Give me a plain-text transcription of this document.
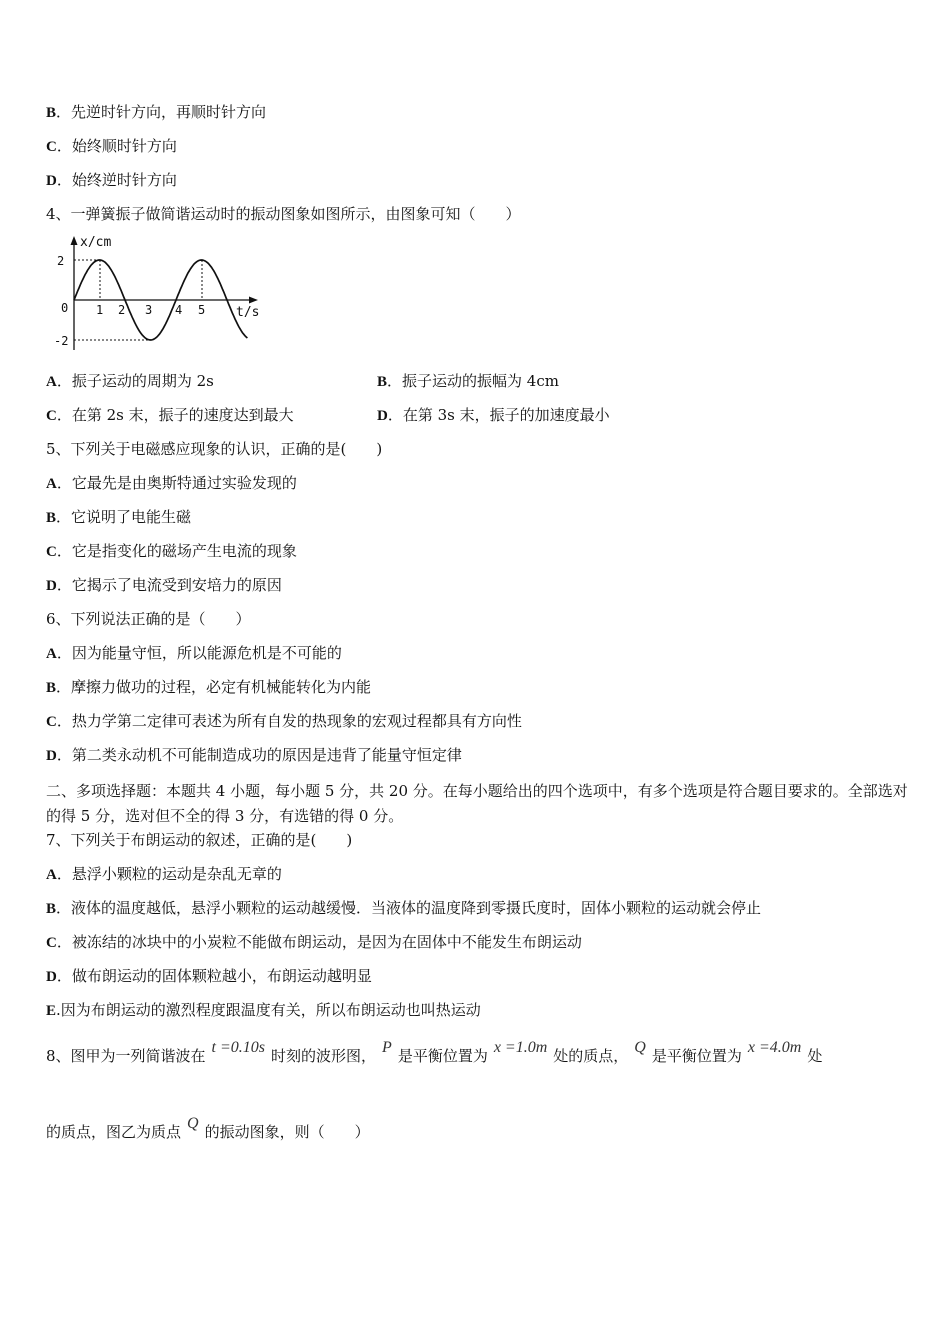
B．先逆时针方向，再顺时针方向
C．始终顺时针方向
D．始终逆时针方向
4、一弹簧振子做简谐运动时的振动图象如图所示，由图象可知（　　）
x/cm
t/s
2
-2
0 1 2 3 4 5
A．振子运动的周期为 2s	B．振子运动的振幅为 4cm
C．在第 2s 末，振子的速度达到最大	D．在第 3s 末，振子的加速度最小
5、下列关于电磁感应现象的认识，正确的是(　　)
A．它最先是由奥斯特通过实验发现的
B．它说明了电能生磁
C．它是指变化的磁场产生电流的现象
D．它揭示了电流受到安培力的原因
6、下列说法正确的是（　　）
A．因为能量守恒，所以能源危机是不可能的
B．摩擦力做功的过程，必定有机械能转化为内能
C．热力学第二定律可表述为所有自发的热现象的宏观过程都具有方向性
D．第二类永动机不可能制造成功的原因是违背了能量守恒定律
二、多项选择题：本题共 4 小题，每小题 5 分，共 20 分。在每小题给出的四个选项中，有多个选项是符合题目要求的。全部选对的得 5 分，选对但不全的得 3 分，有选错的得 0 分。
7、下列关于布朗运动的叙述，正确的是(　　)
A．悬浮小颗粒的运动是杂乱无章的
B．液体的温度越低，悬浮小颗粒的运动越缓慢．当液体的温度降到零摄氏度时，固体小颗粒的运动就会停止
C．被冻结的冰块中的小炭粒不能做布朗运动，是因为在固体中不能发生布朗运动
D．做布朗运动的固体颗粒越小，布朗运动越明显
E.因为布朗运动的激烈程度跟温度有关，所以布朗运动也叫热运动
8、图甲为一列简谐波在 t =0.10s 时刻的波形图， P 是平衡位置为 x =1.0m 处的质点， Q 是平衡位置为 x =4.0m 处
的质点，图乙为质点 Q 的振动图象，则（　　）
